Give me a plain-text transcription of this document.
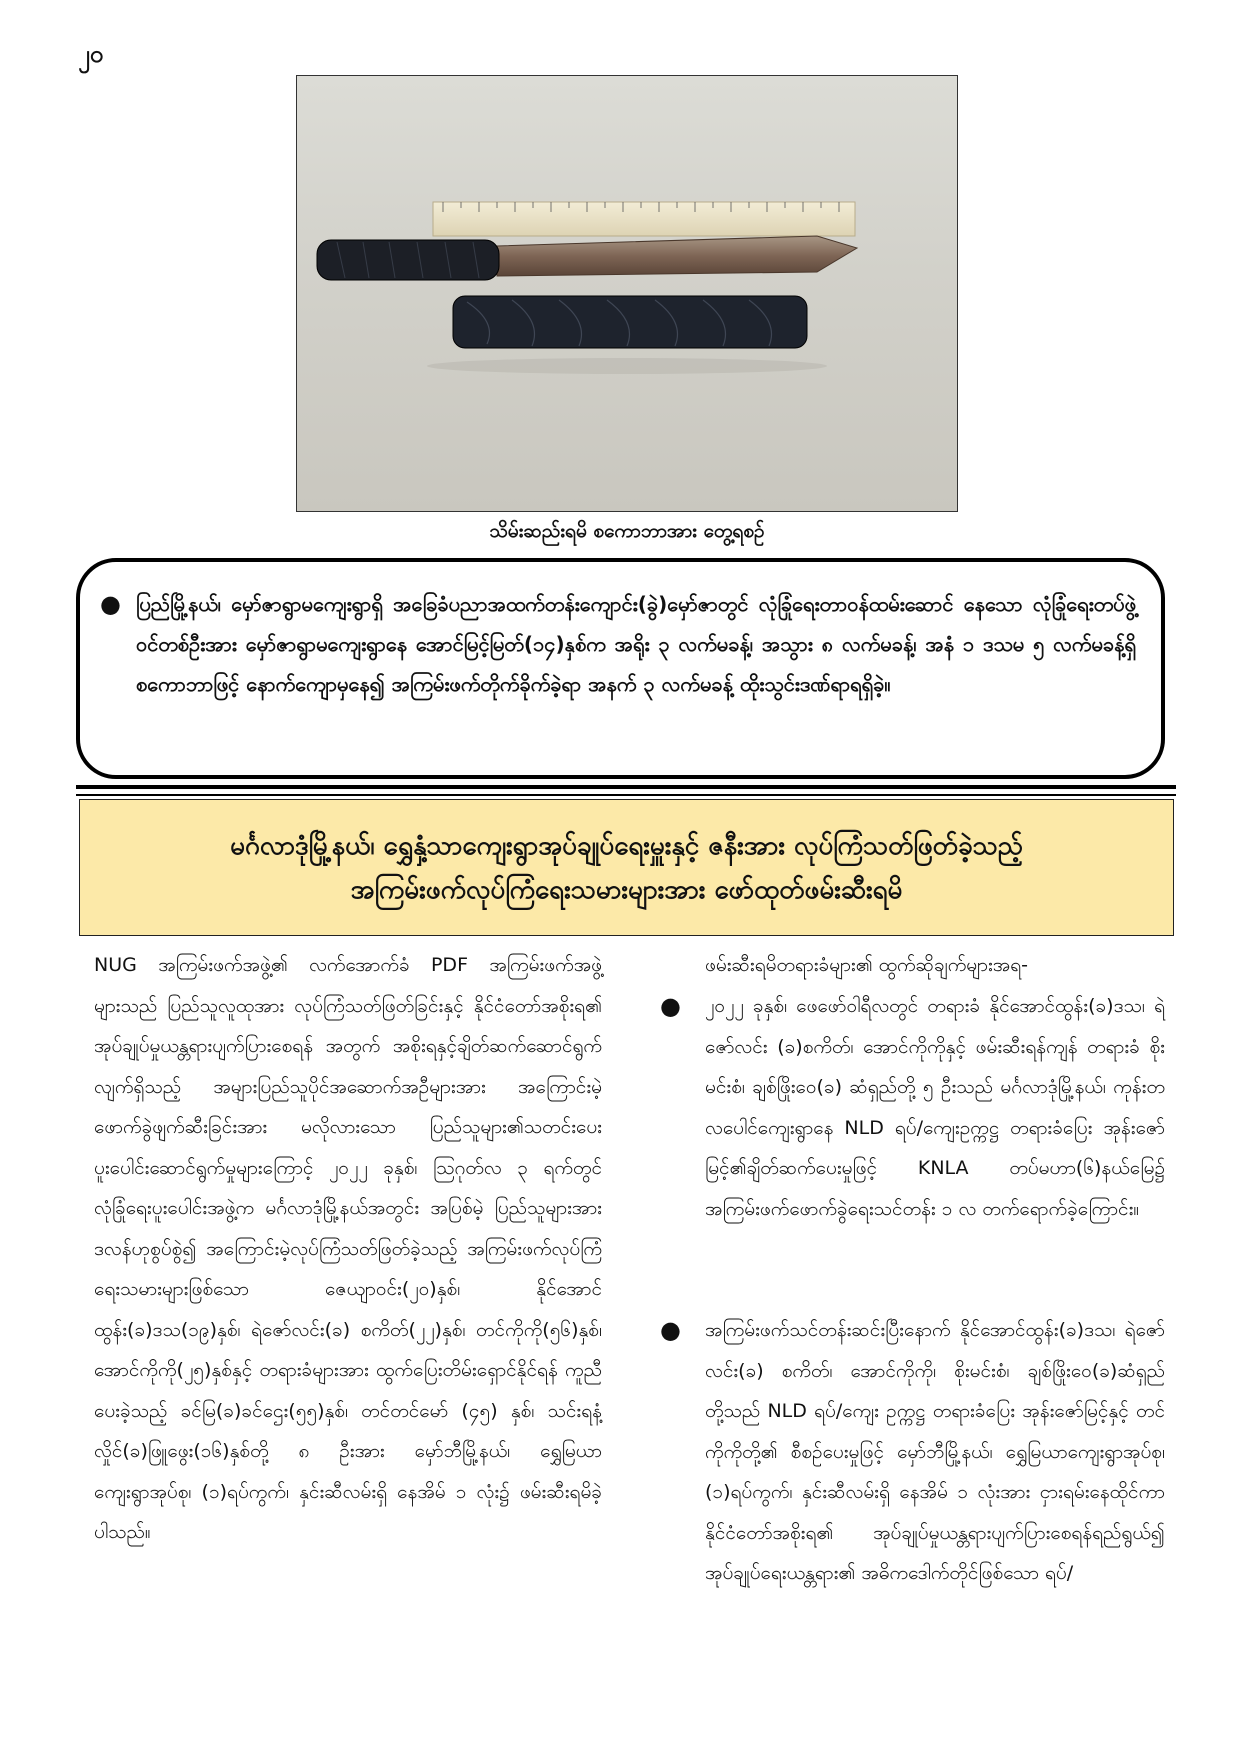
၂၀
သိမ်းဆည်းရမိ စကောဘာအား တွေ့ရစဉ်
● ပြည်မြို့နယ်၊ မှော်ဇာရွာမကျေးရွာရှိ အခြေခံပညာအထက်တန်းကျောင်း(ခွဲ)မှော်ဇာတွင် လုံခြုံရေးတာဝန်ထမ်းဆောင် နေသော လုံခြုံရေးတပ်ဖွဲ့ဝင်တစ်ဦးအား မှော်ဇာရွာမကျေးရွာနေ အောင်မြင့်မြတ်(၁၄)နှစ်က အရိုး ၃ လက်မခန့်၊ အသွား ၈ လက်မခန့်၊ အနံ ၁ ဒသမ ၅ လက်မခန့်ရှိ စကောဘာဖြင့် နောက်ကျောမှနေ၍ အကြမ်းဖက်တိုက်ခိုက်ခဲ့ရာ အနက် ၃ လက်မခန့် ထိုးသွင်းဒဏ်ရာရရှိခဲ့။
မင်္ဂလာဒုံမြို့နယ်၊ ရွှေနှံ့သာကျေးရွာအုပ်ချုပ်ရေးမှူးနှင့် ဇနီးအား လုပ်ကြံသတ်ဖြတ်ခဲ့သည့်
အကြမ်းဖက်လုပ်ကြံရေးသမားများအား ဖော်ထုတ်ဖမ်းဆီးရမိ

NUG အကြမ်းဖက်အဖွဲ့၏ လက်အောက်ခံ PDF အကြမ်းဖက်အဖွဲ့များသည် ပြည်သူလူထုအား လုပ်ကြံသတ်ဖြတ်ခြင်းနှင့် နိုင်ငံတော်အစိုးရ၏ အုပ်ချုပ်မှုယန္တရားပျက်ပြားစေရန် အတွက် အစိုးရနှင့်ချိတ်ဆက်ဆောင်ရွက်လျက်ရှိသည့် အများပြည်သူပိုင်အဆောက်အဦများအား အကြောင်းမဲ့ဖောက်ခွဲဖျက်ဆီးခြင်းအား မလိုလားသော ပြည်သူများ၏သတင်းပေး ပူးပေါင်းဆောင်ရွက်မှုများကြောင့် ၂၀၂၂ ခုနှစ်၊ ဩဂုတ်လ ၃ ရက်တွင် လုံခြုံရေးပူးပေါင်းအဖွဲ့က မင်္ဂလာဒုံမြို့နယ်အတွင်း အပြစ်မဲ့ ပြည်သူများအား ဒလန်ဟုစွပ်စွဲ၍ အကြောင်းမဲ့လုပ်ကြံသတ်ဖြတ်ခဲ့သည့် အကြမ်းဖက်လုပ်ကြံရေးသမားများဖြစ်သော ဇေယျာဝင်း(၂၀)နှစ်၊ နိုင်အောင်ထွန်း(ခ)ဒသ(၁၉)နှစ်၊ ရဲဇော်လင်း(ခ) စကိတ်(၂၂)နှစ်၊ တင်ကိုကို(၅၆)နှစ်၊ အောင်ကိုကို(၂၅)နှစ်နှင့် တရားခံများအား ထွက်ပြေးတိမ်းရှောင်နိုင်ရန် ကူညီပေးခဲ့သည့် ခင်မြ(ခ)ခင်ဌေး(၅၅)နှစ်၊ တင်တင်မော် (၄၅) နှစ်၊ သင်းရနံ့လှိုင်(ခ)ဖြူဖွေး(၁၆)နှစ်တို့ ၈ ဦးအား မှော်ဘီမြို့နယ်၊ ရွှေမြယာကျေးရွာအုပ်စု၊ (၁)ရပ်ကွက်၊ နှင်းဆီလမ်းရှိ နေအိမ် ၁ လုံး၌ ဖမ်းဆီးရမိခဲ့ပါသည်။

ဖမ်းဆီးရမိတရားခံများ၏ ထွက်ဆိုချက်များအရ-

● ၂၀၂၂ ခုနှစ်၊ ဖေဖော်ဝါရီလတွင် တရားခံ နိုင်အောင်ထွန်း(ခ)ဒသ၊ ရဲဇော်လင်း (ခ)စကိတ်၊ အောင်ကိုကိုနှင့် ဖမ်းဆီးရန်ကျန် တရားခံ စိုးမင်းစံ၊ ချစ်ဖြိုးဝေ(ခ) ဆံရှည်တို့ ၅ ဦးသည် မင်္ဂလာဒုံမြို့နယ်၊ ကုန်းတလပေါင်ကျေးရွာနေ NLD ရပ်/ကျေးဥက္ကဋ္ဌ တရားခံပြေး အုန်းဇော်မြင့်၏ချိတ်ဆက်ပေးမှုဖြင့် KNLA တပ်မဟာ(၆)နယ်မြေ၌ အကြမ်းဖက်ဖောက်ခွဲရေးသင်တန်း ၁ လ တက်ရောက်ခဲ့ကြောင်း။

● အကြမ်းဖက်သင်တန်းဆင်းပြီးနောက် နိုင်အောင်ထွန်း(ခ)ဒသ၊ ရဲဇော်လင်း(ခ) စကိတ်၊ အောင်ကိုကို၊ စိုးမင်းစံ၊ ချစ်ဖြိုးဝေ(ခ)ဆံရှည်တို့သည် NLD ရပ်/ကျေး ဥက္ကဋ္ဌ တရားခံပြေး အုန်းဇော်မြင့်နှင့် တင်ကိုကိုတို့၏ စီစဉ်ပေးမှုဖြင့် မှော်ဘီမြို့နယ်၊ ရွှေမြယာကျေးရွာအုပ်စု၊ (၁)ရပ်ကွက်၊ နှင်းဆီလမ်းရှိ နေအိမ် ၁ လုံးအား ငှားရမ်းနေထိုင်ကာ နိုင်ငံတော်အစိုးရ၏ အုပ်ချုပ်မှုယန္တရားပျက်ပြားစေရန်ရည်ရွယ်၍ အုပ်ချုပ်ရေးယန္တရား၏ အဓိကဒေါက်တိုင်ဖြစ်သော ရပ်/
